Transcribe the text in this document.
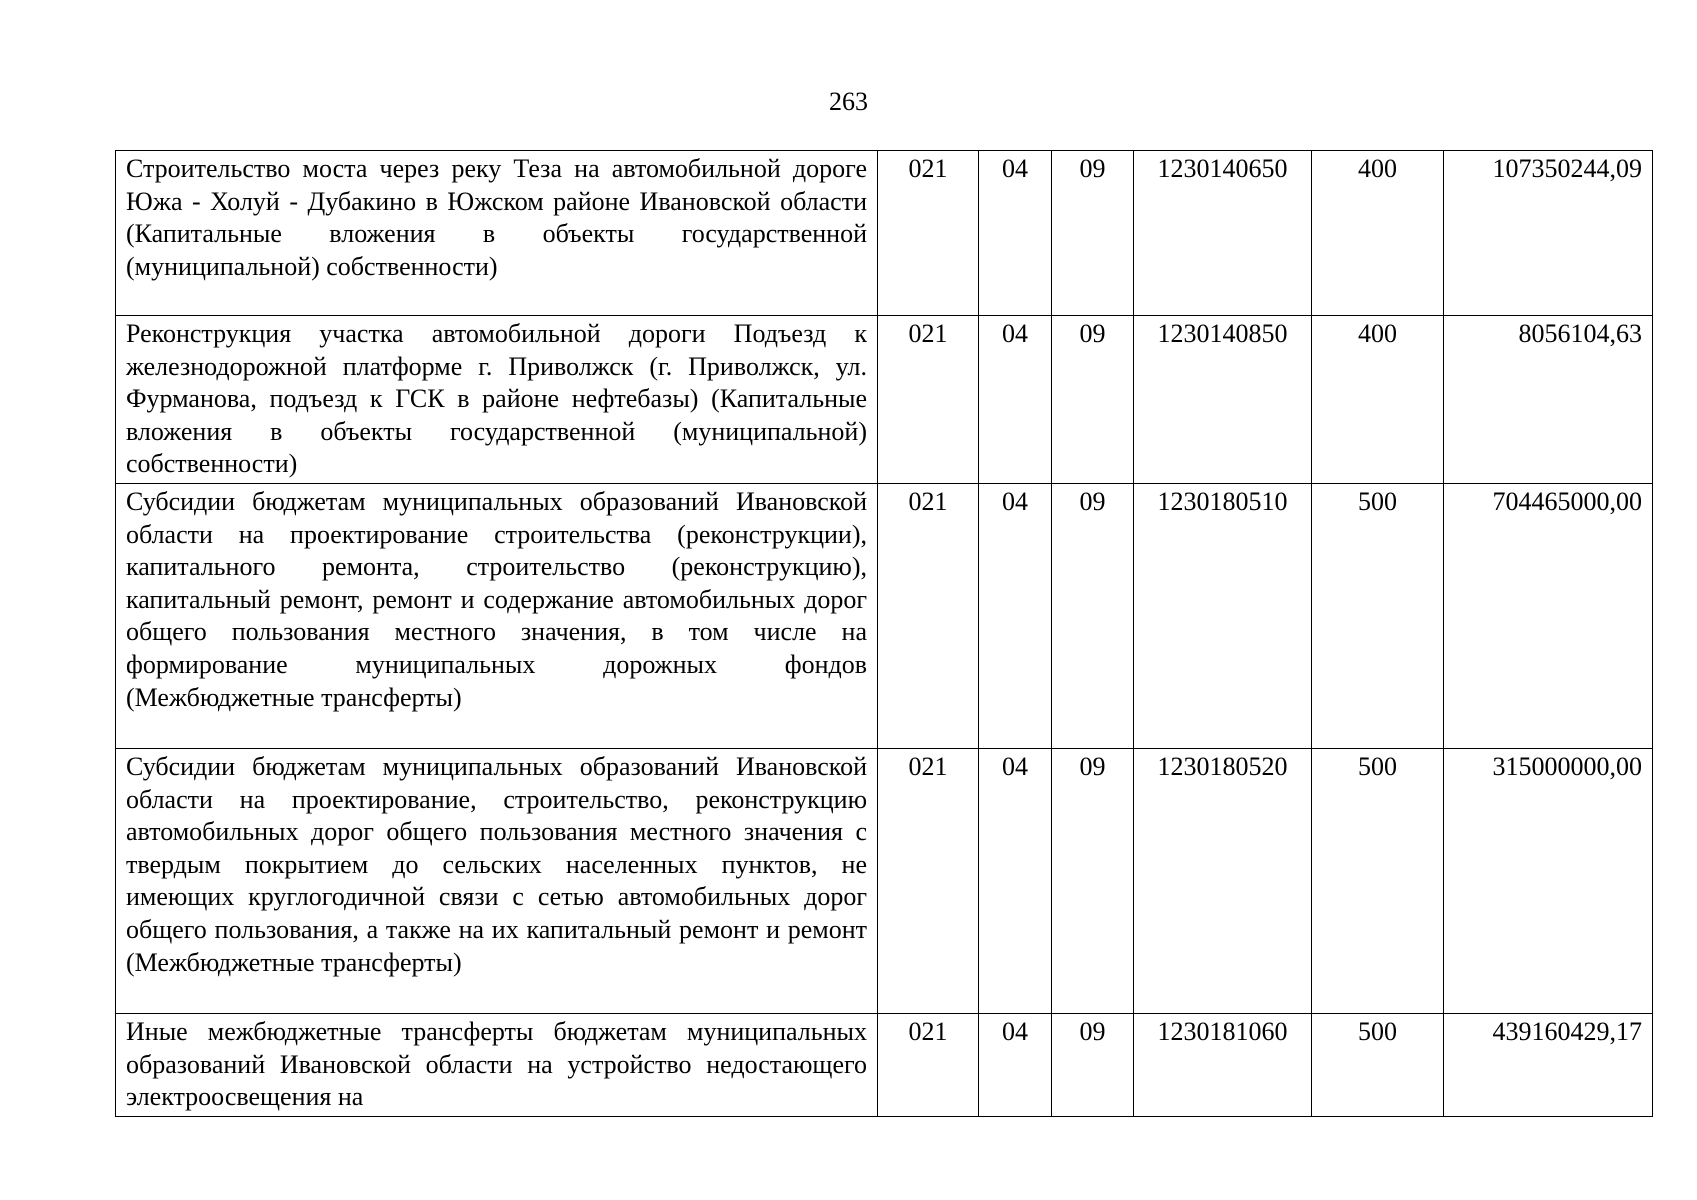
263
Строительство моста через реку Теза на автомобильной дороге Южа - Холуй - Дубакино в Южском районе Ивановской области (Капитальные вложения в объекты государственной (муниципальной) собственности)	021	04	09	1230140650	400	107350244,09
Реконструкция участка автомобильной дороги Подъезд к железнодорожной платформе г. Приволжск (г. Приволжск, ул. Фурманова, подъезд к ГСК в районе нефтебазы) (Капитальные вложения в объекты государственной (муниципальной) собственности)	021	04	09	1230140850	400	8056104,63
Субсидии бюджетам муниципальных образований Ивановской области на проектирование строительства (реконструкции), капитального ремонта, строительство (реконструкцию), капитальный ремонт, ремонт и содержание автомобильных дорог общего пользования местного значения, в том числе на формирование муниципальных дорожных фондов (Межбюджетные трансферты)	021	04	09	1230180510	500	704465000,00
Субсидии бюджетам муниципальных образований Ивановской области на проектирование, строительство, реконструкцию автомобильных дорог общего пользования местного значения с твердым покрытием до сельских населенных пунктов, не имеющих круглогодичной связи с сетью автомобильных дорог общего пользования, а также на их капитальный ремонт и ремонт (Межбюджетные трансферты)	021	04	09	1230180520	500	315000000,00
Иные межбюджетные трансферты бюджетам муниципальных образований Ивановской области на устройство недостающего электроосвещения на	021	04	09	1230181060	500	439160429,17
